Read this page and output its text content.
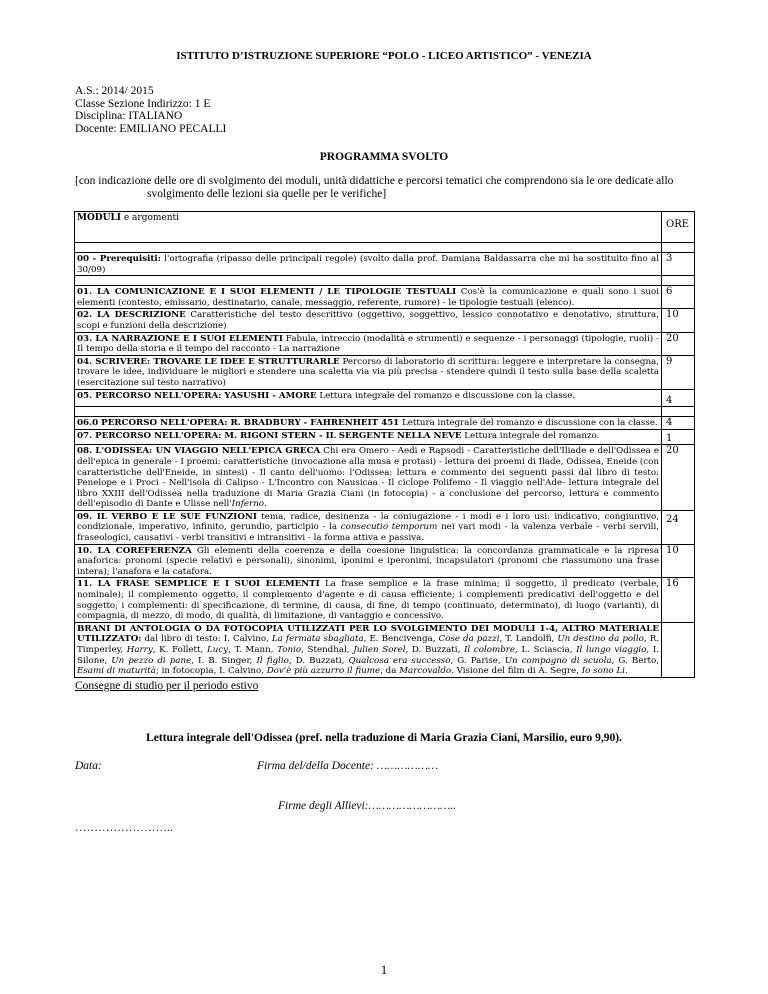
ISTITUTO D’ISTRUZIONE SUPERIORE “POLO - LICEO ARTISTICO” - VENEZIA
A.S.: 2014/ 2015
Classe Sezione Indirizzo: 1 E
Disciplina: ITALIANO
Docente: EMILIANO PECALLI
PROGRAMMA SVOLTO
[con indicazione delle ore di svolgimento dei moduli, unità didattiche e percorsi tematici che comprendono sia le ore dedicate allo
svolgimento delle lezioni sia quelle per le verifiche]
MODULI e argomenti	ORE

00 - Prerequisiti: l'ortografia (ripasso delle principali regole) (svolto dalla prof. Damiana Baldassarra che mi ha sostituito fino al 30/09)	3

01. LA COMUNICAZIONE E I SUOI ELEMENTI / LE TIPOLOGIE TESTUALI Cos'è la comunicazione e quali sono i suoi elementi (contesto, emissario, destinatario, canale, messaggio, referente, rumore) - le tipologie testuali (elenco).	6

02. LA DESCRIZIONE Caratteristiche del testo descrittivo (oggettivo, soggettivo, lessico connotativo e denotativo, struttura, scopi e funzioni della descrizione)	10

03. LA NARRAZIONE E I SUOI ELEMENTI Fabula, intreccio (modalità e strumenti) e sequenze - i personaggi (tipologie, ruoli) - Il tempo della storia e il tempo del racconto - La narrazione	20

04. SCRIVERE: TROVARE LE IDEE E STRUTTURARLE Percorso di laboratorio di scrittura: leggere e interpretare la consegna, trovare le idee, individuare le migliori e stendere una scaletta via via più precisa - stendere quindi il testo sulla base della scaletta (esercitazione sul testo narrativo)	9

05. PERCORSO NELL'OPERA: YASUSHI - AMORE Lettura integrale del romanzo e discussione con la classe.	4

06.0 PERCORSO NELL'OPERA: R. BRADBURY - FAHRENHEIT 451 Lettura integrale del romanzo e discussione con la classe.	4

07. PERCORSO NELL'OPERA: M. RIGONI STERN - IL SERGENTE NELLA NEVE Lettura integrale del romanzo.	1

08. L'ODISSEA: UN VIAGGIO NELL'EPICA GRECA Chi era Omero - Aedi e Rapsodi - Caratteristiche dell'Iliade e dell'Odissea e dell'epica in generale - I proemi: caratteristiche (invocazione alla musa e protasi) - lettura dei proemi di Ilade, Odissea, Eneide (con caratteristiche dell'Eneide, in sintesi) - Il canto dell'uomo: l'Odissea: lettura e commento dei seguenti passi dal libro di testo: Penelope e i Proci - Nell'isola di Calipso - L'Incontro con Nausicaa - Il ciclope Polifemo - Il viaggio nell'Ade- lettura integrale del libro XXIII dell'Odissea nella traduzione di Maria Grazia Ciani (in fotocopia) - a conclusione del percorso, lettura e commento dell'episodio di Dante e Ulisse nell'Inferno.	20

09. IL VERBO E LE SUE FUNZIONI tema, radice, desinenza - la coniugazione - i modi e i loro usi: indicativo, congiuntivo, condizionale, imperativo, infinito, gerundio, participio - la consecutio temporum nei vari modi - la valenza verbale - verbi servili, fraseologici, causativi - verbi transitivi e intransitivi - la forma attiva e passiva.	24

10. LA COREFERENZA Gli elementi della coerenza e della coesione linguistica: la concordanza grammaticale e la ripresa anaforica: pronomi (specie relativi e personali), sinonimi, iponimi e iperonimi, incapsulatori (pronomi che riassumono una frase intera); l'anafora e la catafora.	10

11. LA FRASE SEMPLICE E I SUOI ELEMENTI La frase semplice e la frase minima; il soggetto, il predicato (verbale, nominale); il complemento oggetto, il complemento d'agente e di causa efficiente; i complementi predicativi dell'oggetto e del soggetto; i complementi: di specificazione, di termine, di causa, di fine, di tempo (continuato, determinato), di luogo (varianti), di compagnia, di mezzo, di modo, di qualità, di limitazione, di vantaggio e concessivo.	16

BRANI DI ANTOLOGIA O DA FOTOCOPIA UTILIZZATI PER LO SVOLGIMENTO DEI MODULI 1-4, ALTRO MATERIALE UTILIZZATO: dal libro di testo: I. Calvino, La fermata sbagliata, E. Bencivenga, Cose da pazzi, T. Landolfi, Un destino da pollo, R. Timperley, Harry, K. Follett, Lucy, T. Mann, Tonio, Stendhal, Julien Sorel, D. Buzzati, Il colombre, L. Sciascia, Il lungo viaggio, I. Silone, Un pezzo di pane, I. B. Singer, Il figlio, D. Buzzati, Qualcosa era successo, G. Parise, Un compagno di scuola, G. Berto, Esami di maturità; in fotocopia, I. Calvino, Dov'è più azzurro il fiume, da Marcovaldo. Visione del film di A. Segre, Io sono Li.	

Consegne di studio per il periodo estivo
Lettura integrale dell'Odissea (pref. nella traduzione di Maria Grazia Ciani, Marsilio, euro 9,90).
Data:	Firma del/della Docente: ………………
Firme degli Allievi:……………………..
……………………..
1
